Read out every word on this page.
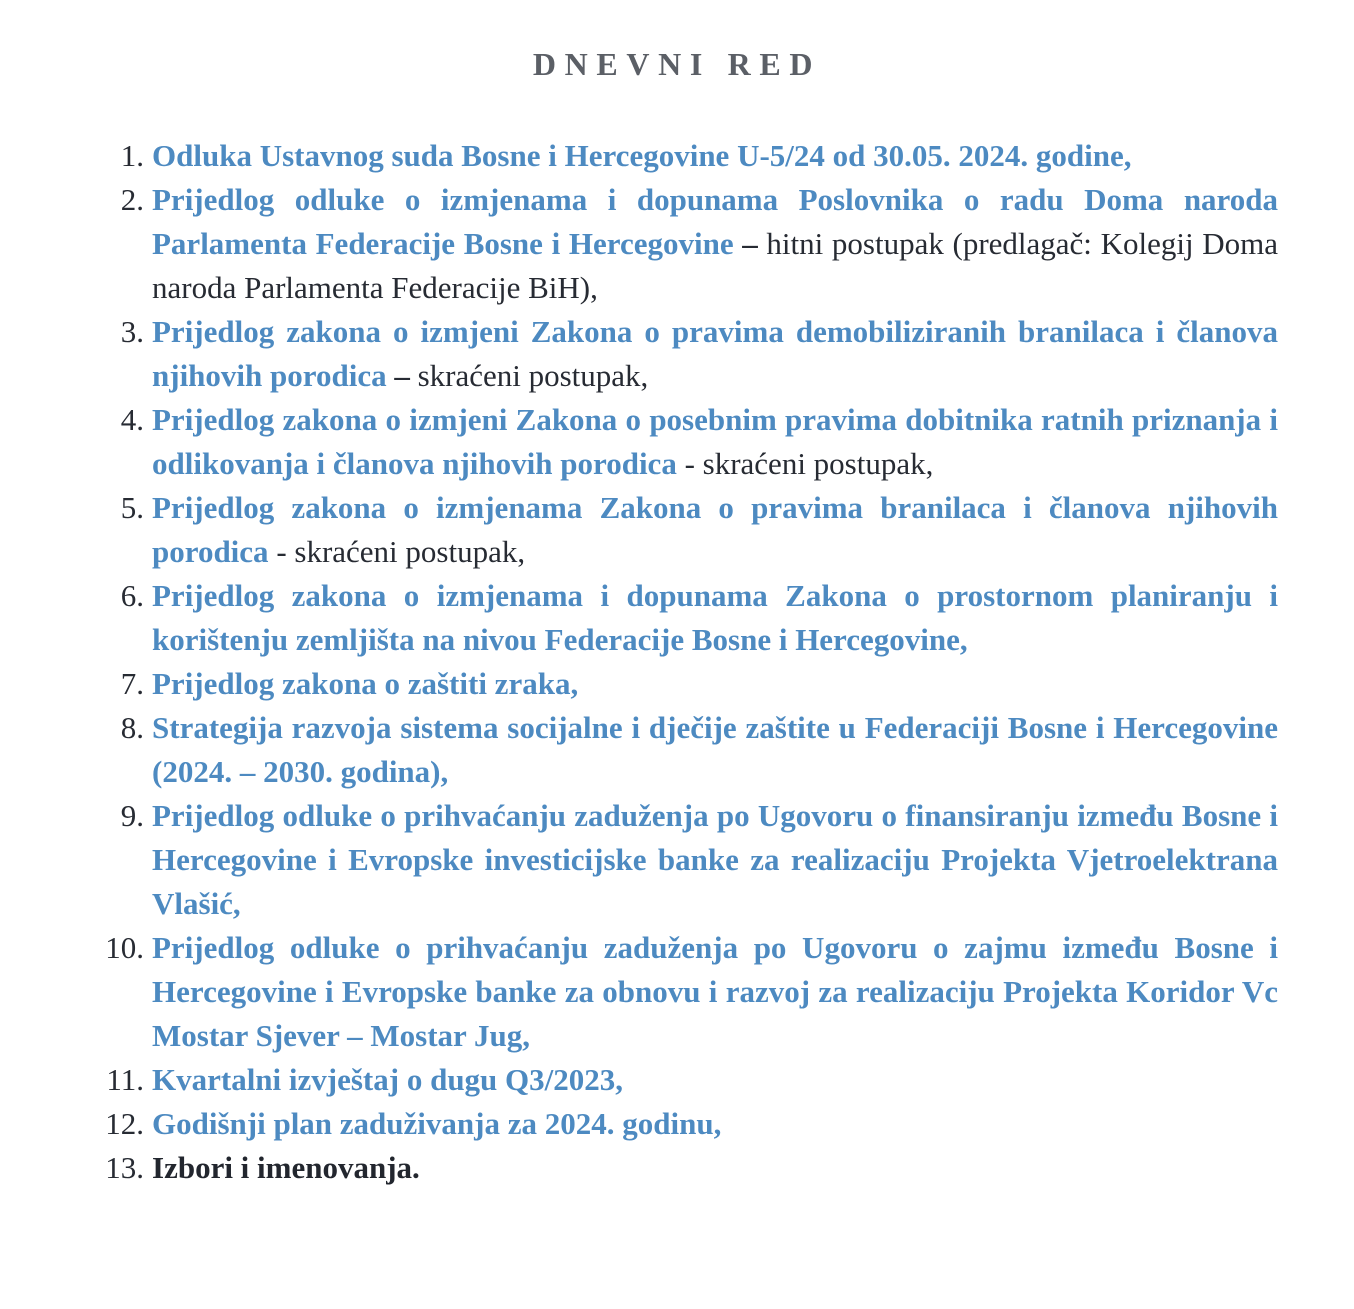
DNEVNI RED
1. Odluka Ustavnog suda Bosne i Hercegovine U-5/24 od 30.05. 2024. godine,
2. Prijedlog odluke o izmjenama i dopunama Poslovnika o radu Doma naroda Parlamenta Federacije Bosne i Hercegovine – hitni postupak (predlagač: Kolegij Doma naroda Parlamenta Federacije BiH),
3. Prijedlog zakona o izmjeni Zakona o pravima demobiliziranih branilaca i članova njihovih porodica – skraćeni postupak,
4. Prijedlog zakona o izmjeni Zakona o posebnim pravima dobitnika ratnih priznanja i odlikovanja i članova njihovih porodica - skraćeni postupak,
5. Prijedlog zakona o izmjenama Zakona o pravima branilaca i članova njihovih porodica - skraćeni postupak,
6. Prijedlog zakona o izmjenama i dopunama Zakona o prostornom planiranju i korištenju zemljišta na nivou Federacije Bosne i Hercegovine,
7. Prijedlog zakona o zaštiti zraka,
8. Strategija razvoja sistema socijalne i dječije zaštite u Federaciji Bosne i Hercegovine (2024. – 2030. godina),
9. Prijedlog odluke o prihvaćanju zaduženja po Ugovoru o finansiranju između Bosne i Hercegovine i Evropske investicijske banke za realizaciju Projekta Vjetroelektrana Vlašić,
10. Prijedlog odluke o prihvaćanju zaduženja po Ugovoru o zajmu između Bosne i Hercegovine i Evropske banke za obnovu i razvoj za realizaciju Projekta Koridor Vc Mostar Sjever – Mostar Jug,
11. Kvartalni izvještaj o dugu Q3/2023,
12. Godišnji plan zaduživanja za 2024. godinu,
13. Izbori i imenovanja.
